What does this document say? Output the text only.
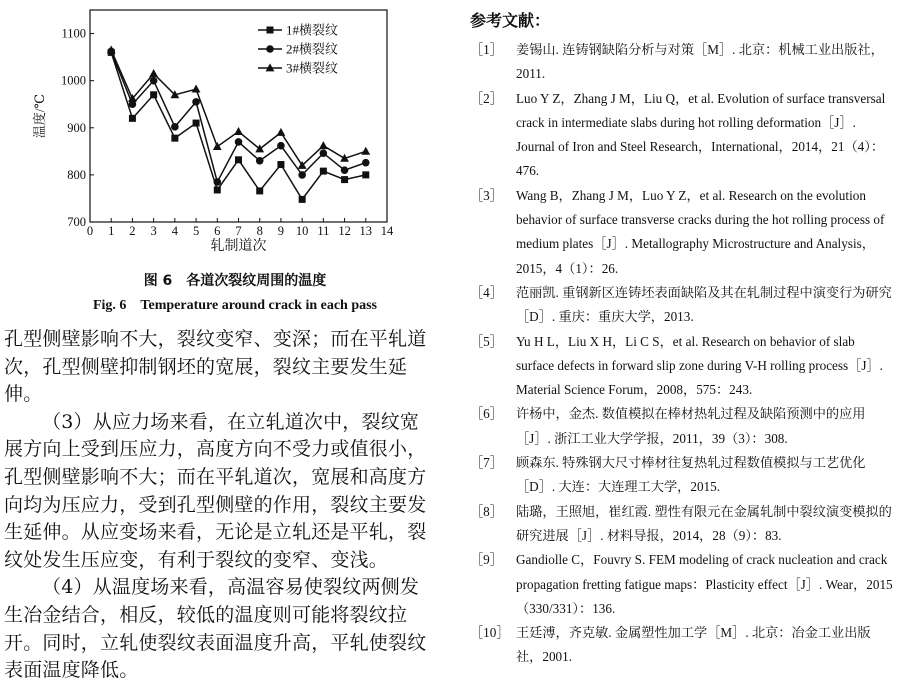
0 1 2 3 4 5 6 7 8 9 10 11 12 13 14
700
800
900
1000
1100
轧制道次
温度/℃
1#横裂纹
2#横裂纹
3#横裂纹
图 6　各道次裂纹周围的温度
Fig. 6　Temperature around crack in each pass

孔型侧壁影响不大，裂纹变窄、变深；而在平轧道次，孔型侧壁抑制钢坯的宽展，裂纹主要发生延伸。

（3）从应力场来看，在立轧道次中，裂纹宽展方向上受到压应力，高度方向不受力或值很小，孔型侧壁影响不大；而在平轧道次，宽展和高度方向均为压应力，受到孔型侧壁的作用，裂纹主要发生延伸。从应变场来看，无论是立轧还是平轧，裂纹处发生压应变，有利于裂纹的变窄、变浅。

（4）从温度场来看，高温容易使裂纹两侧发生冶金结合，相反，较低的温度则可能将裂纹拉开。同时，立轧使裂纹表面温度升高，平轧使裂纹表面温度降低。

参考文献：
［1］ 姜锡山. 连铸钢缺陷分析与对策［M］. 北京：机械工业出版社，2011.
［2］ Luo Y Z，Zhang J M，Liu Q，et al. Evolution of surface transversal crack in intermediate slabs during hot rolling deformation［J］. Journal of Iron and Steel Research，International，2014，21（4）：476.
［3］ Wang B，Zhang J M，Luo Y Z，et al. Research on the evolution behavior of surface transverse cracks during the hot rolling process of medium plates［J］. Metallography Microstructure and Analysis，2015，4（1）：26.
［4］ 范丽凯. 重钢新区连铸坯表面缺陷及其在轧制过程中演变行为研究［D］. 重庆：重庆大学，2013.
［5］ Yu H L，Liu X H，Li C S，et al. Research on behavior of slab surface defects in forward slip zone during V-H rolling process［J］. Material Science Forum，2008，575：243.
［6］ 许杨中，金杰. 数值模拟在棒材热轧过程及缺陷预测中的应用［J］. 浙江工业大学学报，2011，39（3）：308.
［7］ 顾森东. 特殊钢大尺寸棒材往复热轧过程数值模拟与工艺优化［D］. 大连：大连理工大学，2015.
［8］ 陆璐，王照旭，崔红霞. 塑性有限元在金属轧制中裂纹演变模拟的研究进展［J］. 材料导报，2014，28（9）：83.
［9］ Gandiolle C，Fouvry S. FEM modeling of crack nucleation and crack propagation fretting fatigue maps：Plasticity effect［J］. Wear，2015（330/331）：136.
［10］ 王廷溥，齐克敏. 金属塑性加工学［M］. 北京：冶金工业出版社，2001.
